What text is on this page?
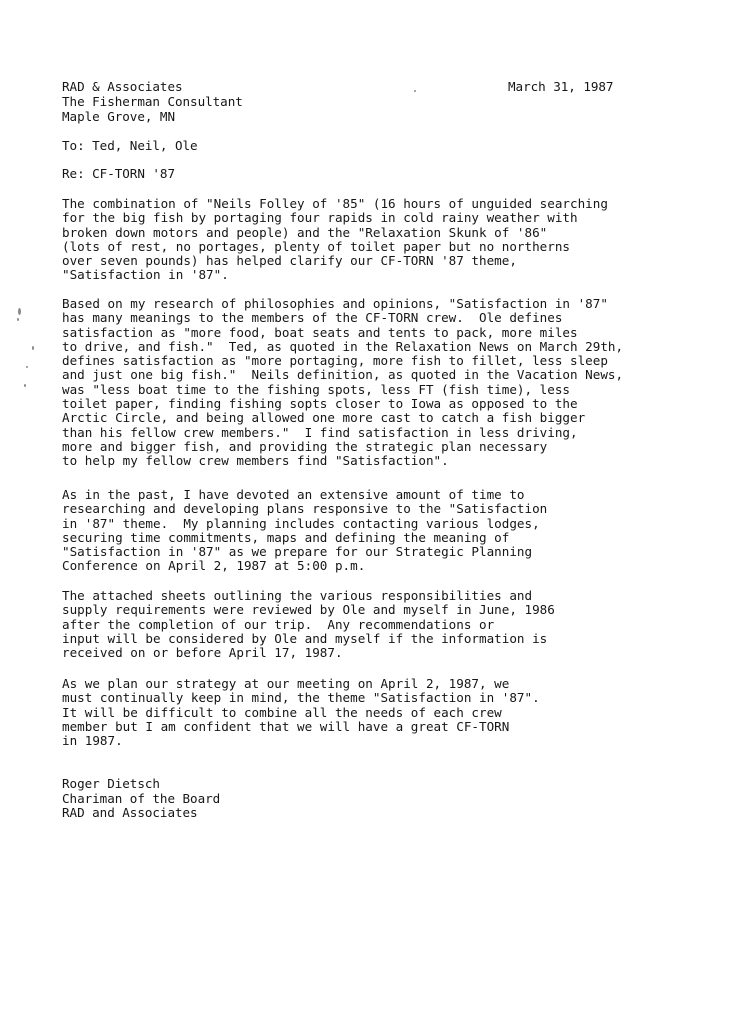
RAD & Associates
The Fisherman Consultant
Maple Grove, MN
March 31, 1987
To: Ted, Neil, Ole
Re: CF-TORN '87
The combination of "Neils Folley of '85" (16 hours of unguided searching
for the big fish by portaging four rapids in cold rainy weather with
broken down motors and people) and the "Relaxation Skunk of '86"
(lots of rest, no portages, plenty of toilet paper but no northerns
over seven pounds) has helped clarify our CF-TORN '87 theme,
"Satisfaction in '87".
Based on my research of philosophies and opinions, "Satisfaction in '87"
has many meanings to the members of the CF-TORN crew.  Ole defines
satisfaction as "more food, boat seats and tents to pack, more miles
to drive, and fish."  Ted, as quoted in the Relaxation News on March 29th,
defines satisfaction as "more portaging, more fish to fillet, less sleep
and just one big fish."  Neils definition, as quoted in the Vacation News,
was "less boat time to the fishing spots, less FT (fish time), less
toilet paper, finding fishing sopts closer to Iowa as opposed to the
Arctic Circle, and being allowed one more cast to catch a fish bigger
than his fellow crew members."  I find satisfaction in less driving,
more and bigger fish, and providing the strategic plan necessary
to help my fellow crew members find "Satisfaction".
As in the past, I have devoted an extensive amount of time to
researching and developing plans responsive to the "Satisfaction
in '87" theme.  My planning includes contacting various lodges,
securing time commitments, maps and defining the meaning of
"Satisfaction in '87" as we prepare for our Strategic Planning
Conference on April 2, 1987 at 5:00 p.m.
The attached sheets outlining the various responsibilities and
supply requirements were reviewed by Ole and myself in June, 1986
after the completion of our trip.  Any recommendations or
input will be considered by Ole and myself if the information is
received on or before April 17, 1987.
As we plan our strategy at our meeting on April 2, 1987, we
must continually keep in mind, the theme "Satisfaction in '87".
It will be difficult to combine all the needs of each crew
member but I am confident that we will have a great CF-TORN
in 1987.
Roger Dietsch
Chariman of the Board
RAD and Associates
